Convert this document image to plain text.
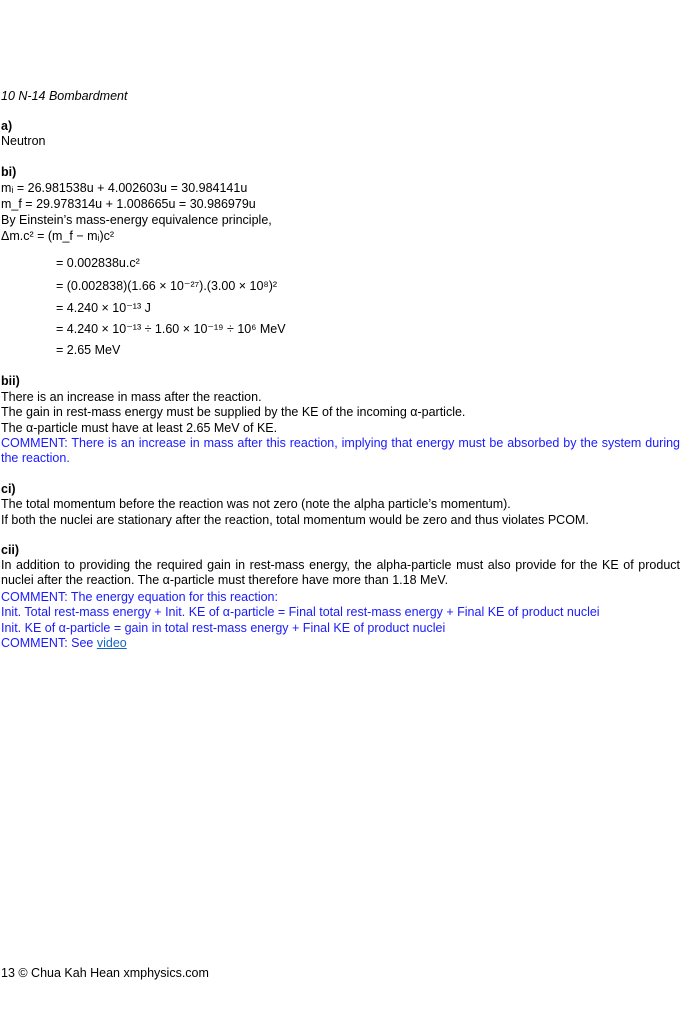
10 N-14 Bombardment
a)
Neutron
bi)
mᵢ = 26.981538u + 4.002603u = 30.984141u
m_f = 29.978314u + 1.008665u = 30.986979u
By Einstein’s mass-energy equivalence principle,
Δm.c² = (m_f − mᵢ)c²
= 0.002838u.c²
= (0.002838)(1.66 × 10⁻²⁷).(3.00 × 10⁸)²
= 4.240 × 10⁻¹³ J
= 4.240 × 10⁻¹³ ÷ 1.60 × 10⁻¹⁹ ÷ 10⁶ MeV
= 2.65 MeV
bii)
There is an increase in mass after the reaction.
The gain in rest-mass energy must be supplied by the KE of the incoming α-particle.
The α-particle must have at least 2.65 MeV of KE.
COMMENT: There is an increase in mass after this reaction, implying that energy must be absorbed by the system during the reaction.
ci)
The total momentum before the reaction was not zero (note the alpha particle’s momentum).
If both the nuclei are stationary after the reaction, total momentum would be zero and thus violates PCOM.
cii)
In addition to providing the required gain in rest-mass energy, the alpha-particle must also provide for the KE of product nuclei after the reaction. The α-particle must therefore have more than 1.18 MeV.
COMMENT: The energy equation for this reaction:
Init. Total rest-mass energy + Init. KE of α-particle = Final total rest-mass energy + Final KE of product nuclei
Init. KE of α-particle = gain in total rest-mass energy + Final KE of product nuclei
COMMENT: See video
13 © Chua Kah Hean xmphysics.com
